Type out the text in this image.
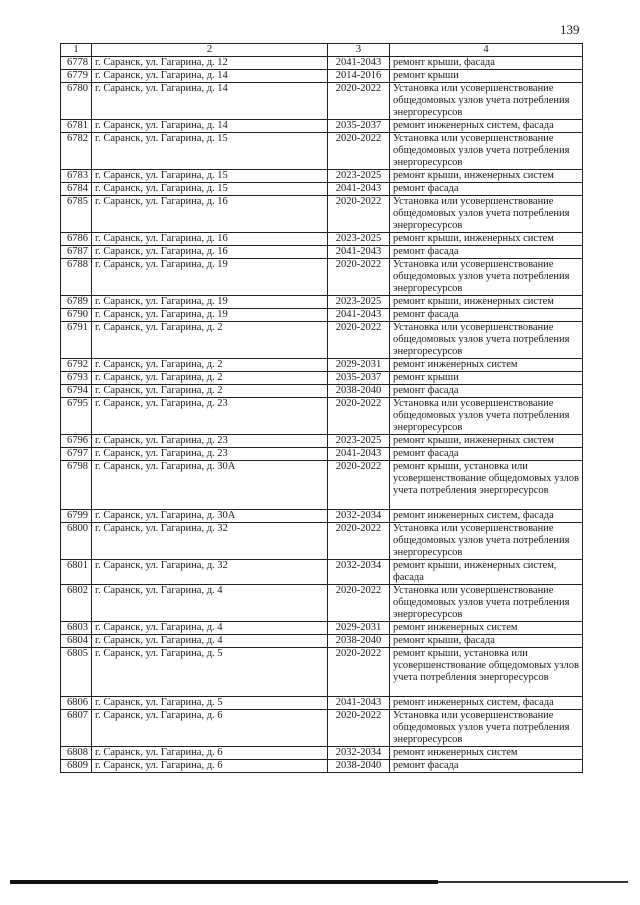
139
1	2	3	4
6778	г. Саранск, ул. Гагарина, д. 12	2041-2043	ремонт крыши, фасада
6779	г. Саранск, ул. Гагарина, д. 14	2014-2016	ремонт крыши
6780	г. Саранск, ул. Гагарина, д. 14	2020-2022	Установка или усовершенствование общедомовых узлов учета потребления энергоресурсов
6781	г. Саранск, ул. Гагарина, д. 14	2035-2037	ремонт инженерных систем, фасада
6782	г. Саранск, ул. Гагарина, д. 15	2020-2022	Установка или усовершенствование общедомовых узлов учета потребления энергоресурсов
6783	г. Саранск, ул. Гагарина, д. 15	2023-2025	ремонт крыши, инженерных систем
6784	г. Саранск, ул. Гагарина, д. 15	2041-2043	ремонт фасада
6785	г. Саранск, ул. Гагарина, д. 16	2020-2022	Установка или усовершенствование общедомовых узлов учета потребления энергоресурсов
6786	г. Саранск, ул. Гагарина, д. 16	2023-2025	ремонт крыши, инженерных систем
6787	г. Саранск, ул. Гагарина, д. 16	2041-2043	ремонт фасада
6788	г. Саранск, ул. Гагарина, д. 19	2020-2022	Установка или усовершенствование общедомовых узлов учета потребления энергоресурсов
6789	г. Саранск, ул. Гагарина, д. 19	2023-2025	ремонт крыши, инженерных систем
6790	г. Саранск, ул. Гагарина, д. 19	2041-2043	ремонт фасада
6791	г. Саранск, ул. Гагарина, д. 2	2020-2022	Установка или усовершенствование общедомовых узлов учета потребления энергоресурсов
6792	г. Саранск, ул. Гагарина, д. 2	2029-2031	ремонт инженерных систем
6793	г. Саранск, ул. Гагарина, д. 2	2035-2037	ремонт крыши
6794	г. Саранск, ул. Гагарина, д. 2	2038-2040	ремонт фасада
6795	г. Саранск, ул. Гагарина, д. 23	2020-2022	Установка или усовершенствование общедомовых узлов учета потребления энергоресурсов
6796	г. Саранск, ул. Гагарина, д. 23	2023-2025	ремонт крыши, инженерных систем
6797	г. Саранск, ул. Гагарина, д. 23	2041-2043	ремонт фасада
6798	г. Саранск, ул. Гагарина, д. 30А	2020-2022	ремонт крыши, установка или усовершенствование общедомовых узлов учета потребления энергоресурсов
6799	г. Саранск, ул. Гагарина, д. 30А	2032-2034	ремонт инженерных систем, фасада
6800	г. Саранск, ул. Гагарина, д. 32	2020-2022	Установка или усовершенствование общедомовых узлов учета потребления энергоресурсов
6801	г. Саранск, ул. Гагарина, д. 32	2032-2034	ремонт крыши, инженерных систем, фасада
6802	г. Саранск, ул. Гагарина, д. 4	2020-2022	Установка или усовершенствование общедомовых узлов учета потребления энергоресурсов
6803	г. Саранск, ул. Гагарина, д. 4	2029-2031	ремонт инженерных систем
6804	г. Саранск, ул. Гагарина, д. 4	2038-2040	ремонт крыши, фасада
6805	г. Саранск, ул. Гагарина, д. 5	2020-2022	ремонт крыши, установка или усовершенствование общедомовых узлов учета потребления энергоресурсов
6806	г. Саранск, ул. Гагарина, д. 5	2041-2043	ремонт инженерных систем, фасада
6807	г. Саранск, ул. Гагарина, д. 6	2020-2022	Установка или усовершенствование общедомовых узлов учета потребления энергоресурсов
6808	г. Саранск, ул. Гагарина, д. 6	2032-2034	ремонт инженерных систем
6809	г. Саранск, ул. Гагарина, д. 6	2038-2040	ремонт фасада
